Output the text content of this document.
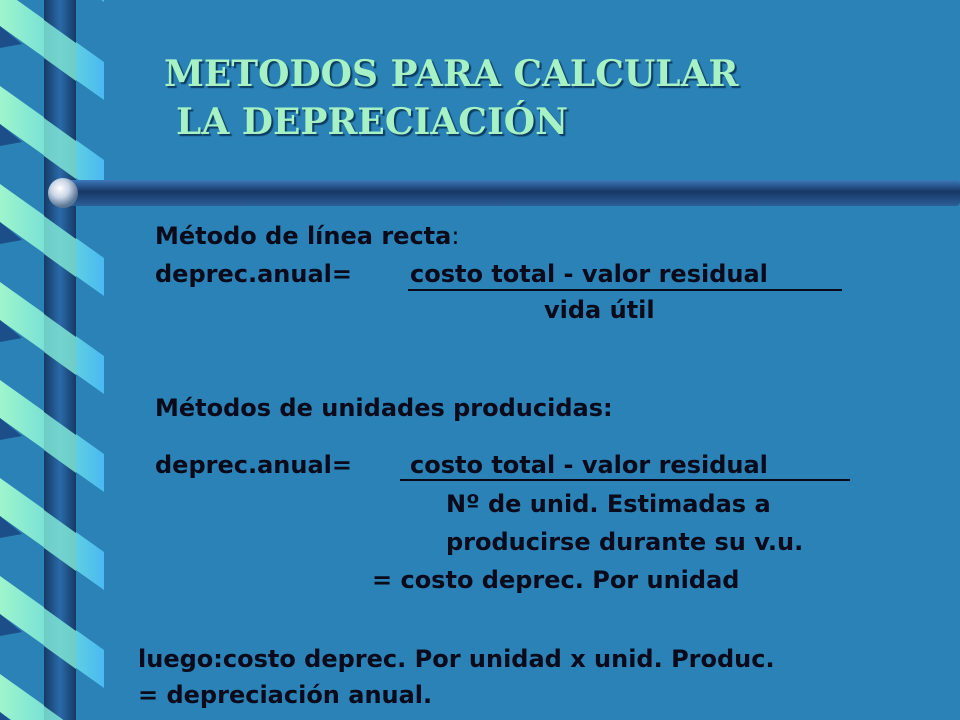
METODOS PARA CALCULAR
LA DEPRECIACIÓN
Método de línea recta:
deprec.anual= costo total - valor residual
vida útil
Métodos de unidades producidas:
deprec.anual= costo total - valor residual
Nº de unid. Estimadas a
producirse durante su v.u.
= costo deprec. Por unidad
luego:costo deprec. Por unidad x unid. Produc.
= depreciación anual.
